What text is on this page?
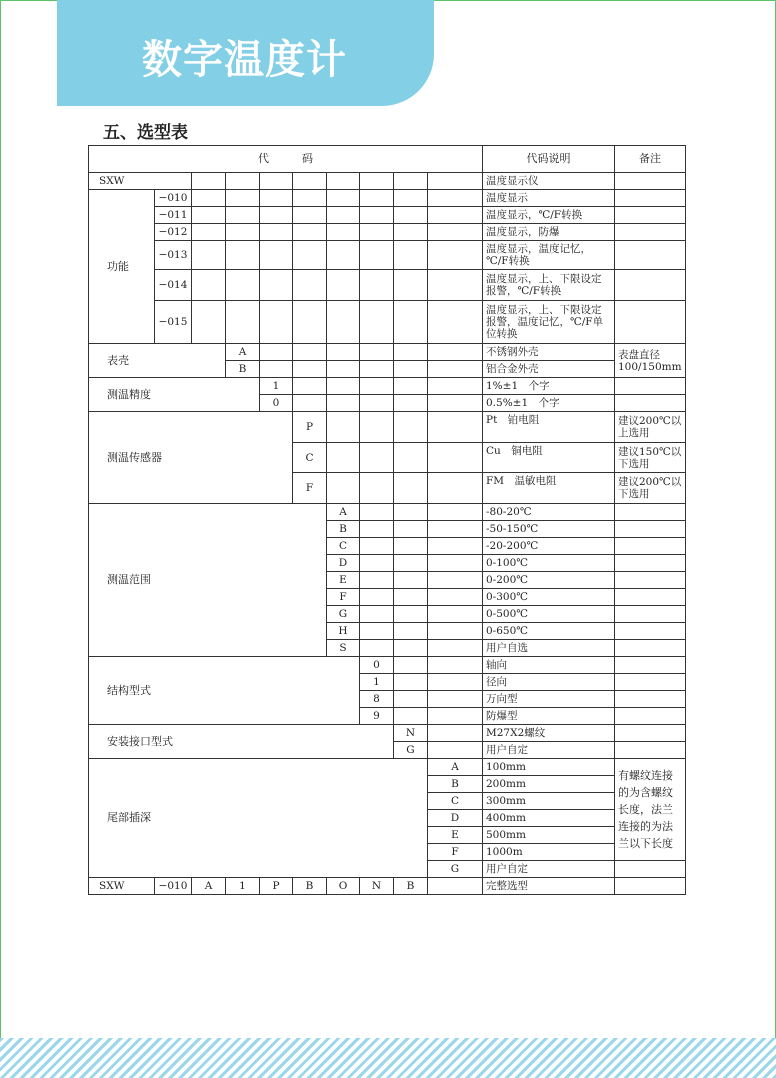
数字温度计
五、选型表
代　　　码										代码说明	备注
SXW										温度显示仪	
功能	−010									温度显示	
	−011									温度显示，℃/F转换	
	−012									温度显示，防爆	
	−013									温度显示，温度记忆，℃/F转换	
	−014									温度显示，上、下限设定报警，℃/F转换	
	−015									温度显示，上、下限设定报警，温度记忆，℃/F单位转换	
表壳			A							不锈钢外壳	表盘直径100/150mm
			B							铝合金外壳	
测温精度				1						1%±1　个字	
				0						0.5%±1　个字	
测温传感器					P					Pt　铂电阻	建议200℃以上选用
					C					Cu　铜电阻	建议150℃以下选用
					F					FM　温敏电阻	建议200℃以下选用
测温范围						A				-80-20℃	
						B				-50-150℃	
						C				-20-200℃	
						D				0-100℃	
						E				0-200℃	
						F				0-300℃	
						G				0-500℃	
						H				0-650℃	
						S				用户自选	
结构型式							0			轴向	
							1			径向	
							8			万向型	
							9			防爆型	
安装接口型式								N		M27X2螺纹	
								G		用户自定	
尾部插深									A	100mm	有螺纹连接的为含螺纹长度，法兰连接的为法兰以下长度
									B	200mm	
									C	300mm	
									D	400mm	
									E	500mm	
									F	1000m	
									G	用户自定	
SXW	−010	A	1	P	B	O	N	B		完整选型	
